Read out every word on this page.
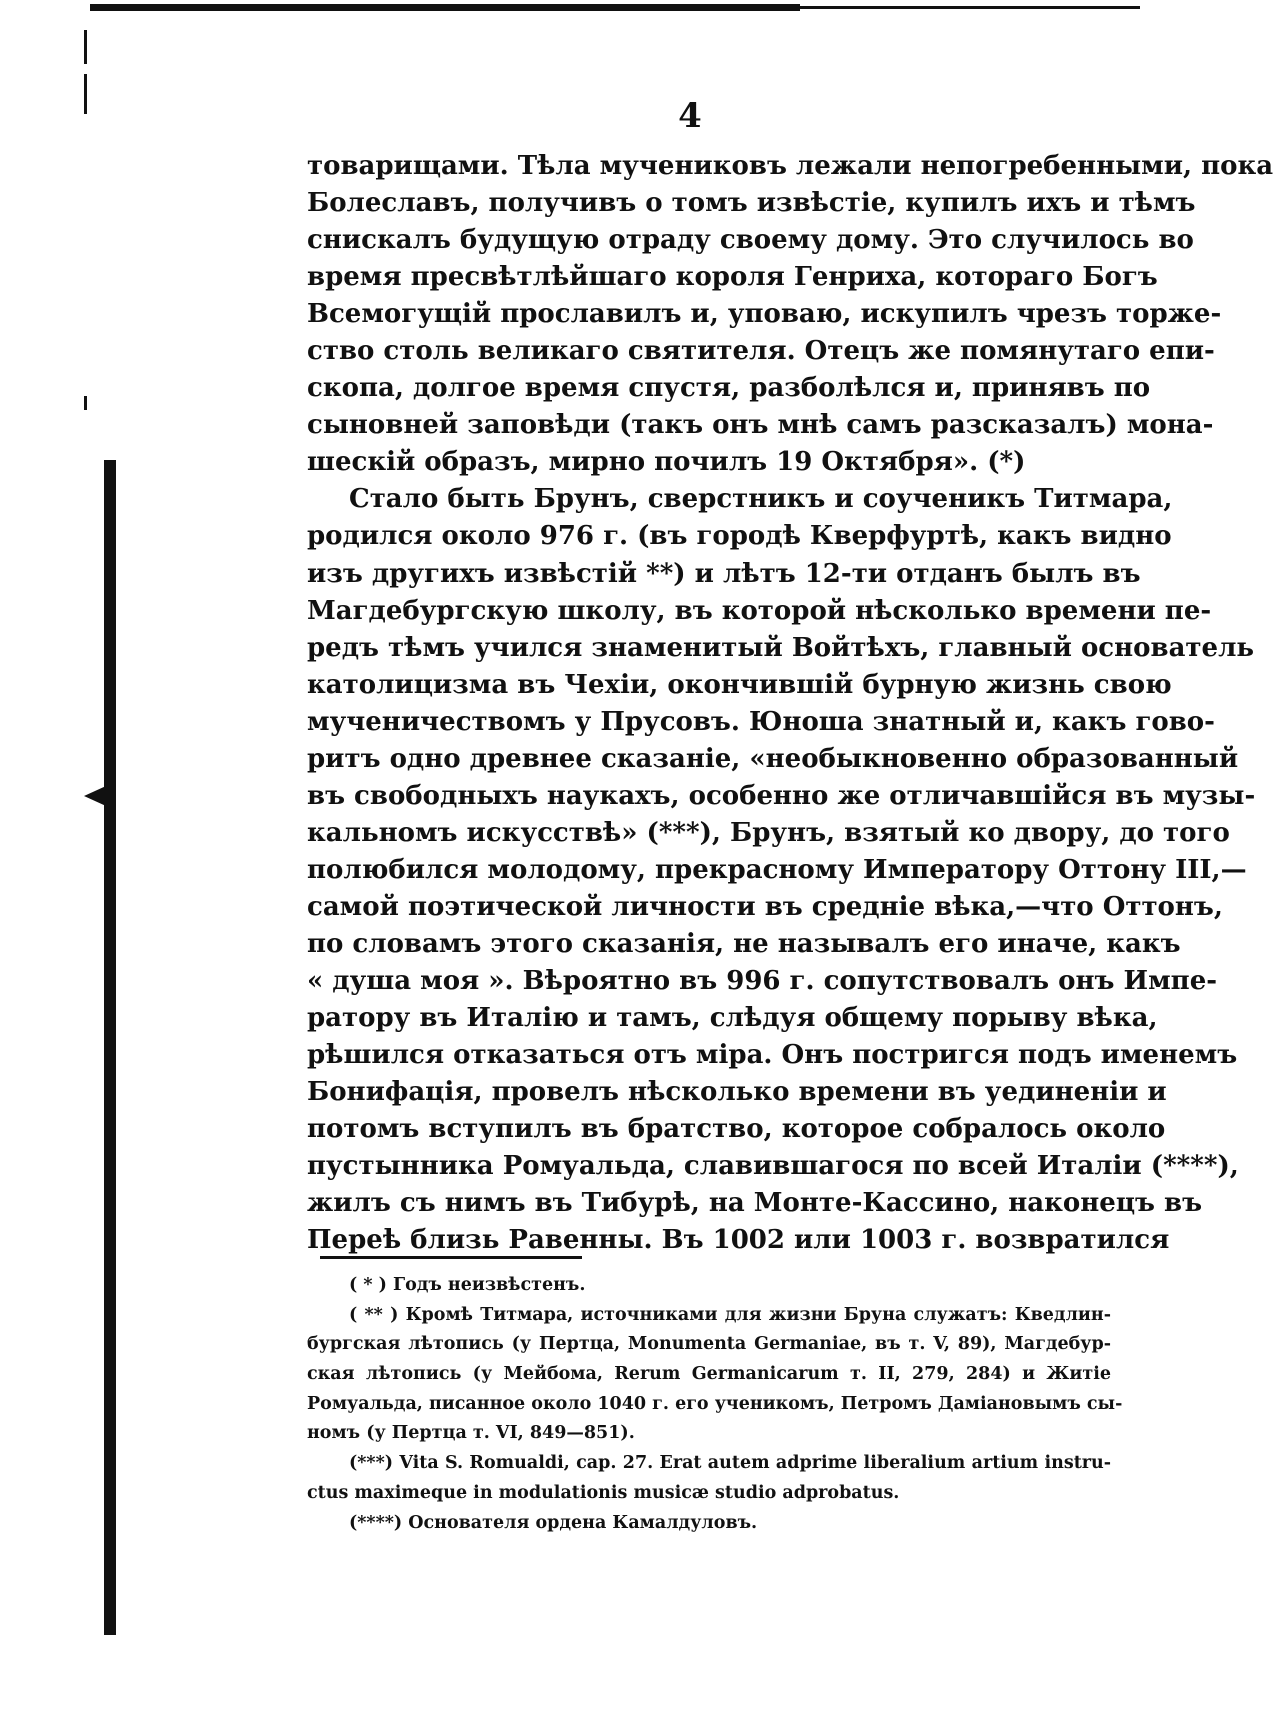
4
товарищами. Тѣла мучениковъ лежали непогребенными, пока
Болеславъ, получивъ о томъ извѣстіе, купилъ ихъ и тѣмъ
снискалъ будущую отраду своему дому. Это случилось во
время пресвѣтлѣйшаго короля Генриха, котораго Богъ
Всемогущій прославилъ и, уповаю, искупилъ чрезъ торже-
ство столь великаго святителя. Отецъ же помянутаго епи-
скопа, долгое время спустя, разболѣлся и, принявъ по
сыновней заповѣди (такъ онъ мнѣ самъ разсказалъ) мона-
шескій образъ, мирно почилъ 19 Октября». (*)
Стало быть Брунъ, сверстникъ и соученикъ Титмара,
родился около 976 г. (въ городѣ Кверфуртѣ, какъ видно
изъ другихъ извѣстій **) и лѣтъ 12-ти отданъ былъ въ
Магдебургскую школу, въ которой нѣсколько времени пе-
редъ тѣмъ учился знаменитый Войтѣхъ, главный основатель
католицизма въ Чехіи, окончившій бурную жизнь свою
мученичествомъ у Прусовъ. Юноша знатный и, какъ гово-
ритъ одно древнее сказаніе, «необыкновенно образованный
въ свободныхъ наукахъ, особенно же отличавшійся въ музы-
кальномъ искусствѣ» (***), Брунъ, взятый ко двору, до того
полюбился молодому, прекрасному Императору Оттону III,—
самой поэтической личности въ средніе вѣка,—что Оттонъ,
по словамъ этого сказанія, не называлъ его иначе, какъ
« душа моя ». Вѣроятно въ 996 г. сопутствовалъ онъ Импе-
ратору въ Италію и тамъ, слѣдуя общему порыву вѣка,
рѣшился отказаться отъ міра. Онъ постригся подъ именемъ
Бонифація, провелъ нѣсколько времени въ уединеніи и
потомъ вступилъ въ братство, которое собралось около
пустынника Ромуальда, славившагося по всей Италіи (****),
жилъ съ нимъ въ Тибурѣ, на Монте-Кассино, наконецъ въ
Переѣ близь Равенны. Въ 1002 или 1003 г. возвратился
( * ) Годъ неизвѣстенъ.
( ** ) Кромѣ Титмара, источниками для жизни Бруна служатъ: Кведлин-
бургская лѣтопись (у Пертца, Monumenta Germaniae, въ т. V, 89), Магдебур-
ская лѣтопись (у Мейбома, Rerum Germanicarum т. II, 279, 284) и Житіе
Ромуальда, писанное около 1040 г. его ученикомъ, Петромъ Даміановымъ сы-
номъ (у Пертца т. VI, 849—851).
(***) Vita S. Romualdi, cap. 27. Erat autem adprime liberalium artium instru-
ctus maximeque in modulationis musicæ studio adprobatus.
(****) Основателя ордена Камалдуловъ.
